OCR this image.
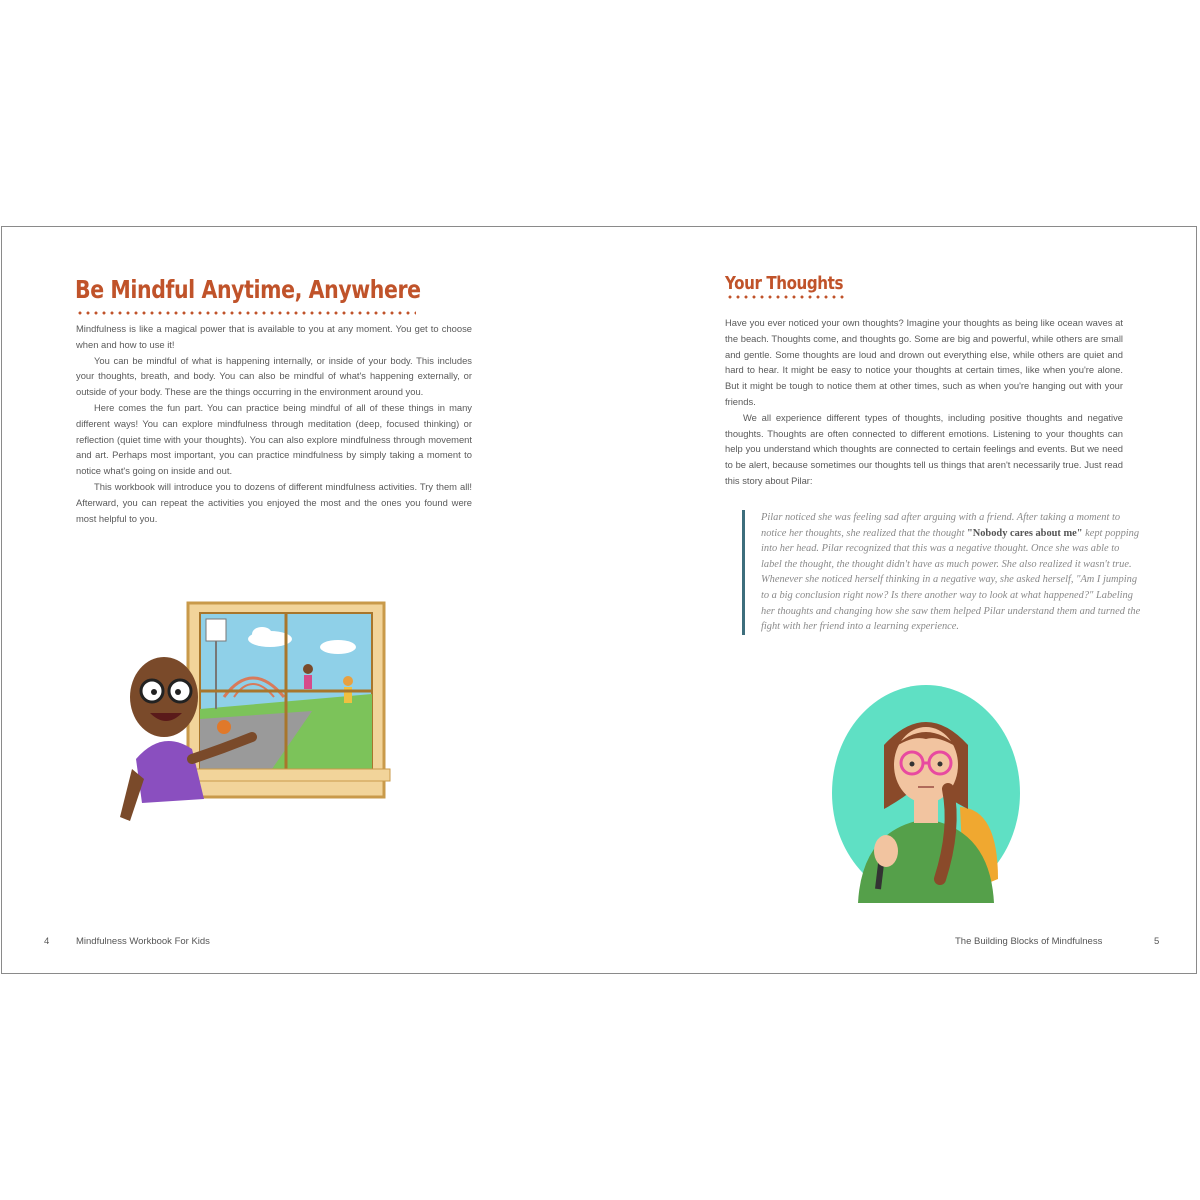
Be Mindful Anytime, Anywhere

Mindfulness is like a magical power that is available to you at any moment. You get to choose when and how to use it!

You can be mindful of what is happening internally, or inside of your body. This includes your thoughts, breath, and body. You can also be mindful of what's happening externally, or outside of your body. These are the things occurring in the environment around you.

Here comes the fun part. You can practice being mindful of all of these things in many different ways! You can explore mindfulness through meditation (deep, focused thinking) or reflection (quiet time with your thoughts). You can also explore mindfulness through movement and art. Perhaps most important, you can practice mindfulness by simply taking a moment to notice what's going on inside and out.

This workbook will introduce you to dozens of different mindfulness activities. Try them all! Afterward, you can repeat the activities you enjoyed the most and the ones you found were most helpful to you.

4	Mindfulness Workbook For Kids
Your Thoughts

Have you ever noticed your own thoughts? Imagine your thoughts as being like ocean waves at the beach. Thoughts come, and thoughts go. Some are big and powerful, while others are small and gentle. Some thoughts are loud and drown out everything else, while others are quiet and hard to hear. It might be easy to notice your thoughts at certain times, like when you're alone. But it might be tough to notice them at other times, such as when you're hanging out with your friends.

We all experience different types of thoughts, including positive thoughts and negative thoughts. Thoughts are often connected to different emotions. Listening to your thoughts can help you understand which thoughts are connected to certain feelings and events. But we need to be alert, because sometimes our thoughts tell us things that aren't necessarily true. Just read this story about Pilar:

Pilar noticed she was feeling sad after arguing with a friend. After taking a moment to notice her thoughts, she realized that the thought "Nobody cares about me" kept popping into her head. Pilar recognized that this was a negative thought. Once she was able to label the thought, the thought didn't have as much power. She also realized it wasn't true. Whenever she noticed herself thinking in a negative way, she asked herself, "Am I jumping to a big conclusion right now? Is there another way to look at what happened?" Labeling her thoughts and changing how she saw them helped Pilar understand them and turned the fight with her friend into a learning experience.

The Building Blocks of Mindfulness	5
